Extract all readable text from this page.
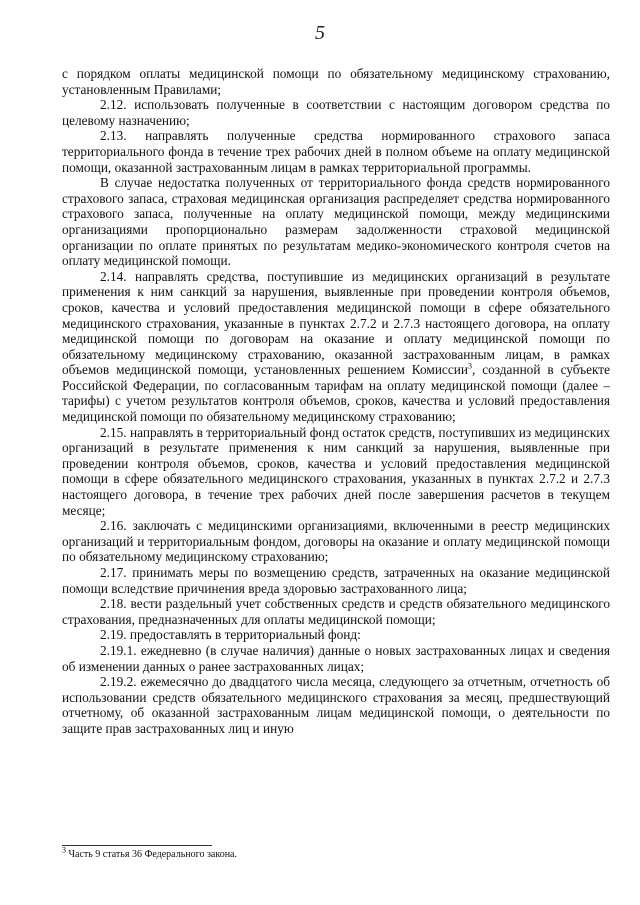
5

с порядком оплаты медицинской помощи по обязательному медицинскому страхованию, установленным Правилами;

2.12. использовать полученные в соответствии с настоящим договором средства по целевому назначению;

2.13. направлять полученные средства нормированного страхового запаса территориального фонда в течение трех рабочих дней в полном объеме на оплату медицинской помощи, оказанной застрахованным лицам в рамках территориальной программы.

В случае недостатка полученных от территориального фонда средств нормированного страхового запаса, страховая медицинская организация распределяет средства нормированного страхового запаса, полученные на оплату медицинской помощи, между медицинскими организациями пропорционально размерам задолженности страховой медицинской организации по оплате принятых по результатам медико-экономического контроля счетов на оплату медицинской помощи.

2.14. направлять средства, поступившие из медицинских организаций в результате применения к ним санкций за нарушения, выявленные при проведении контроля объемов, сроков, качества и условий предоставления медицинской помощи в сфере обязательного медицинского страхования, указанные в пунктах 2.7.2 и 2.7.3 настоящего договора, на оплату медицинской помощи по договорам на оказание и оплату медицинской помощи по обязательному медицинскому страхованию, оказанной застрахованным лицам, в рамках объемов медицинской помощи, установленных решением Комиссии$^3$, созданной в субъекте Российской Федерации, по согласованным тарифам на оплату медицинской помощи (далее – тарифы) с учетом результатов контроля объемов, сроков, качества и условий предоставления медицинской помощи по обязательному медицинскому страхованию;

2.15. направлять в территориальный фонд остаток средств, поступивших из медицинских организаций в результате применения к ним санкций за нарушения, выявленные при проведении контроля объемов, сроков, качества и условий предоставления медицинской помощи в сфере обязательного медицинского страхования, указанных в пунктах 2.7.2 и 2.7.3 настоящего договора, в течение трех рабочих дней после завершения расчетов в текущем месяце;

2.16. заключать с медицинскими организациями, включенными в реестр медицинских организаций и территориальным фондом, договоры на оказание и оплату медицинской помощи по обязательному медицинскому страхованию;

2.17. принимать меры по возмещению средств, затраченных на оказание медицинской помощи вследствие причинения вреда здоровью застрахованного лица;

2.18. вести раздельный учет собственных средств и средств обязательного медицинского страхования, предназначенных для оплаты медицинской помощи;

2.19. предоставлять в территориальный фонд:

2.19.1. ежедневно (в случае наличия) данные о новых застрахованных лицах и сведения об изменении данных о ранее застрахованных лицах;

2.19.2. ежемесячно до двадцатого числа месяца, следующего за отчетным, отчетность об использовании средств обязательного медицинского страхования за месяц, предшествующий отчетному, об оказанной застрахованным лицам медицинской помощи, о деятельности по защите прав застрахованных лиц и иную

$^3$ Часть 9 статья 36 Федерального закона.
